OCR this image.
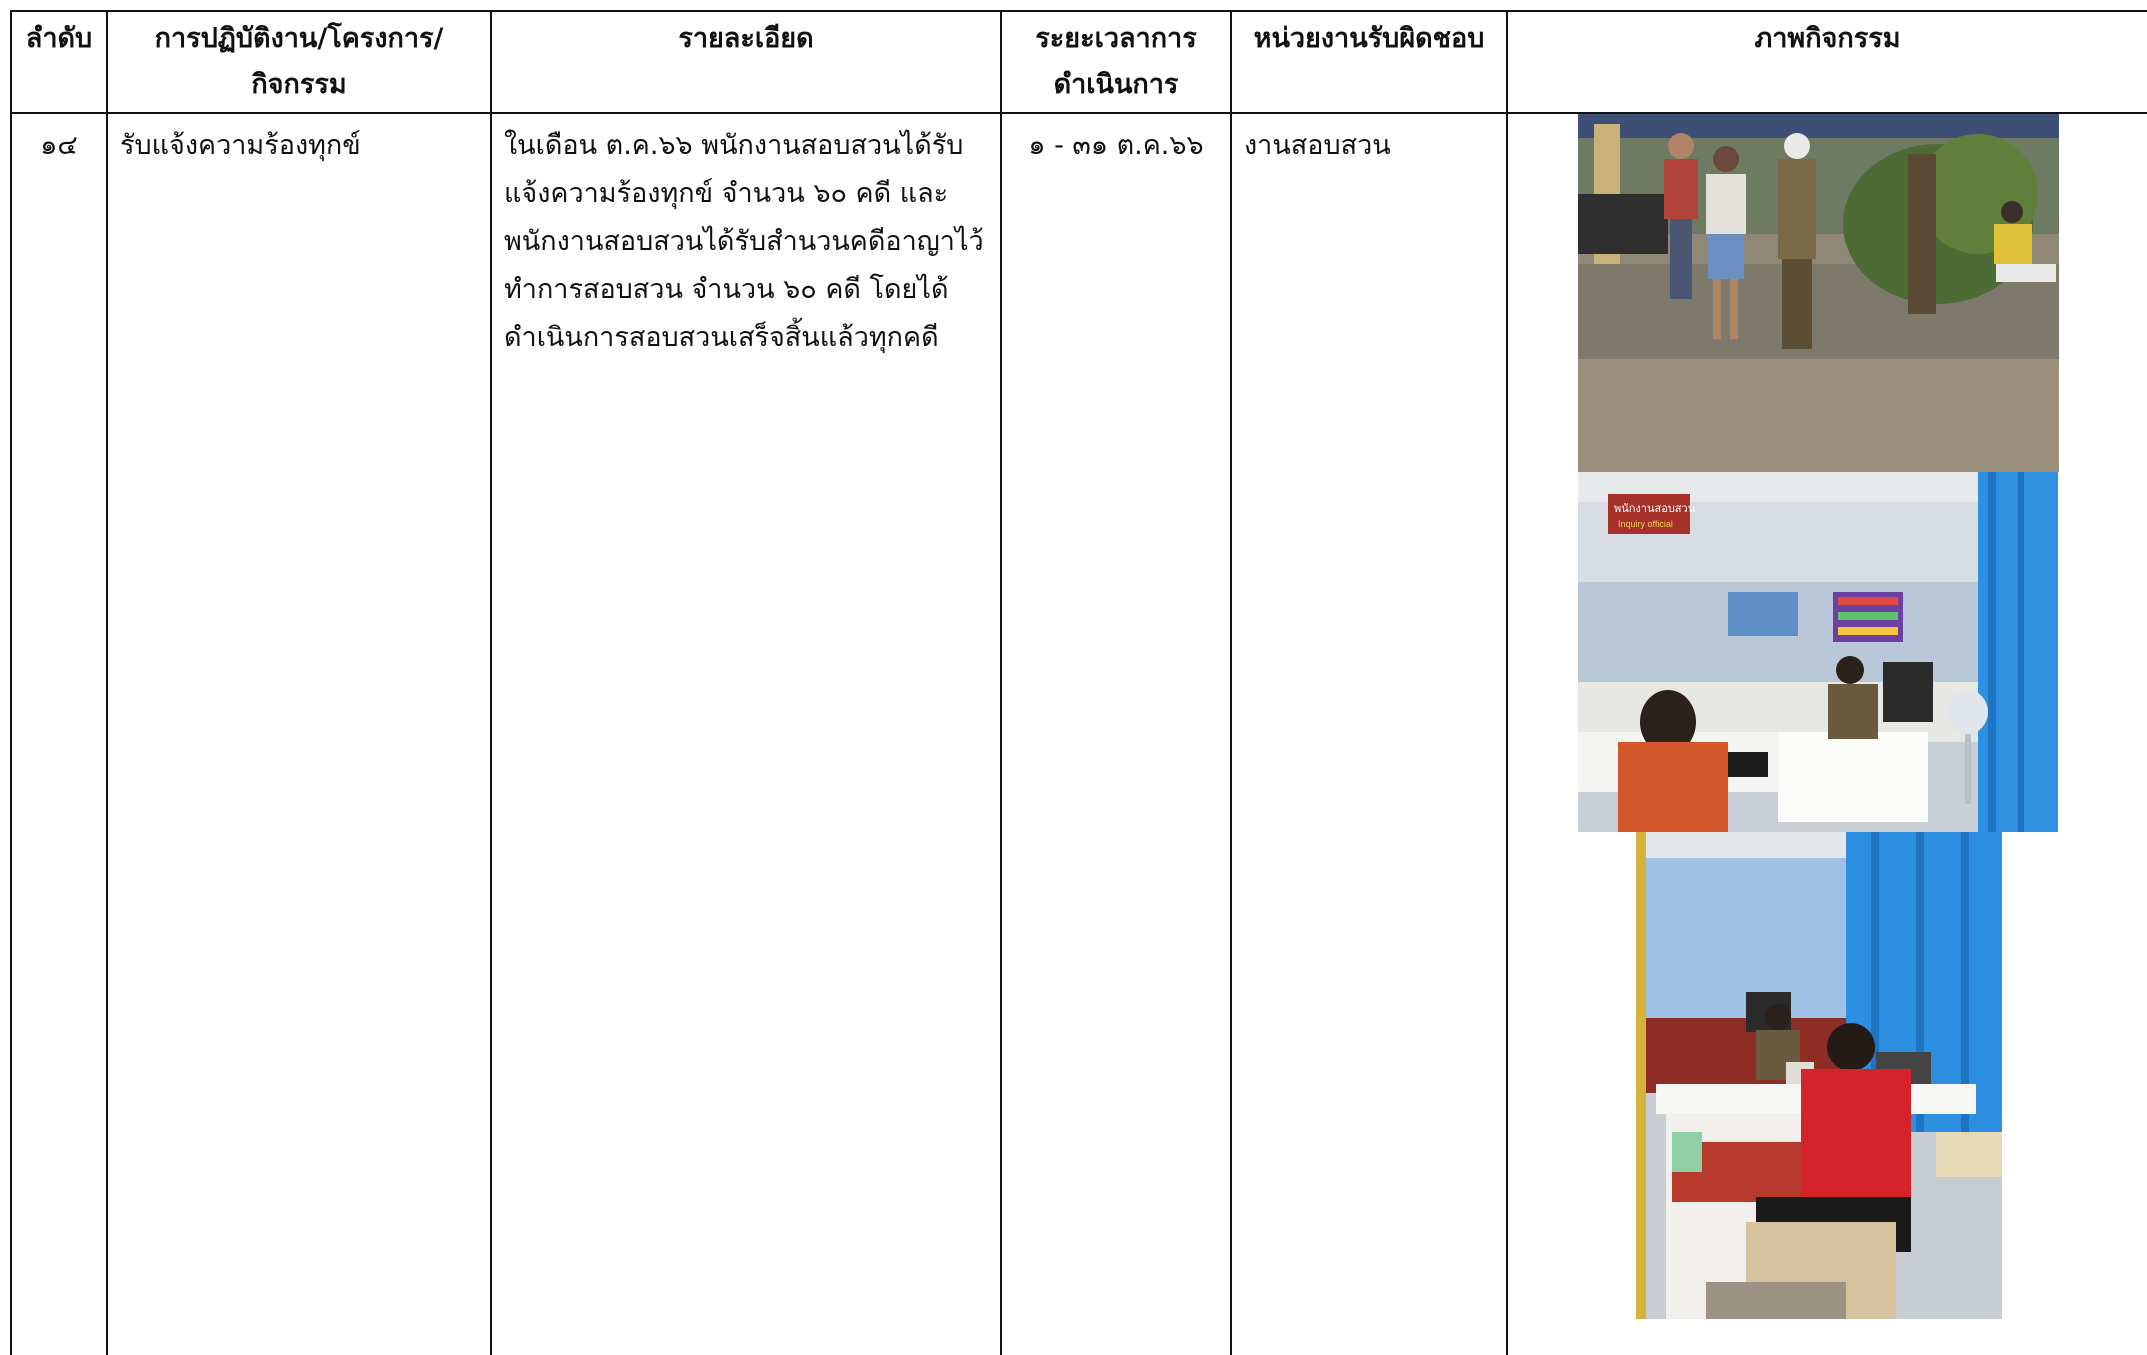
ลำดับ	การปฏิบัติงาน/โครงการ/กิจกรรม	รายละเอียด	ระยะเวลาการดำเนินการ	หน่วยงานรับผิดชอบ	ภาพกิจกรรม
๑๔	รับแจ้งความร้องทุกข์	ในเดือน ต.ค.๖๖ พนักงานสอบสวนได้รับแจ้งความร้องทุกข์ จำนวน ๖๐ คดี และพนักงานสอบสวนได้รับสำนวนคดีอาญาไว้ทำการสอบสวน จำนวน ๖๐ คดี โดยได้ดำเนินการสอบสวนเสร็จสิ้นแล้วทุกคดี	๑ - ๓๑ ต.ค.๖๖	งานสอบสวน	พนักงานสอบสวน
Inquiry official
